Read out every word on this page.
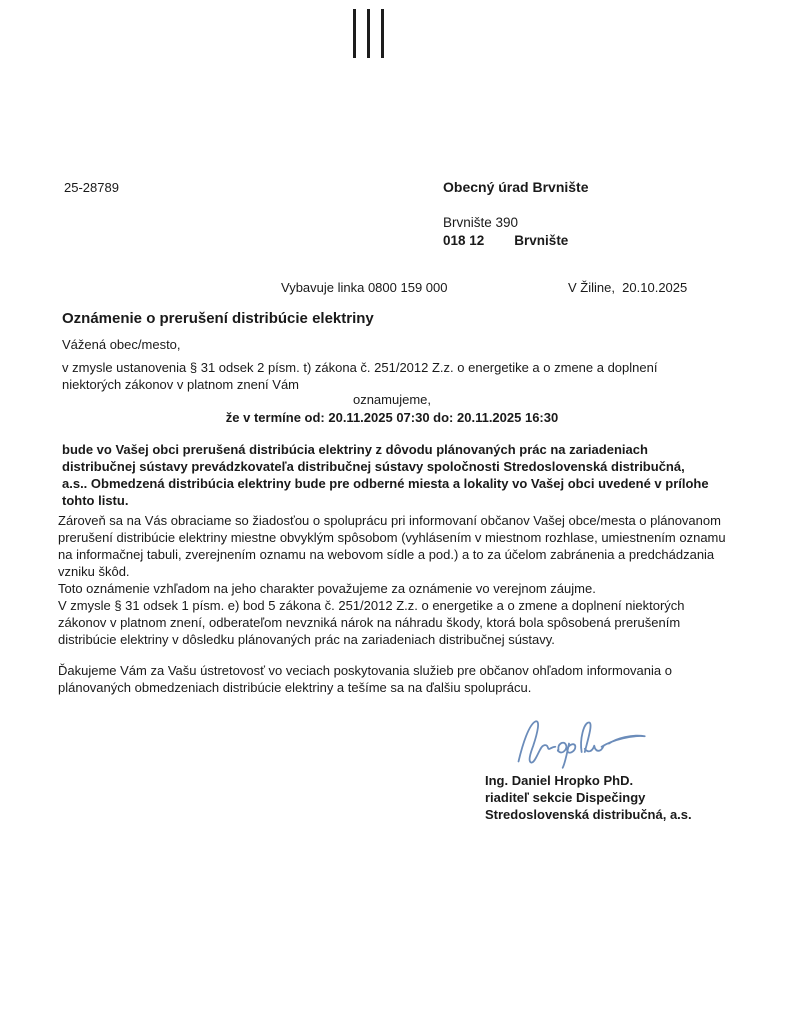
25-28789	Obecný úrad Brvnište
Brvnište 390
018 12 Brvnište
Vybavuje linka 0800 159 000	V Žiline,  20.10.2025
Oznámenie o prerušení distribúcie elektriny
Vážená obec/mesto,
v zmysle ustanovenia § 31 odsek 2 písm. t) zákona č. 251/2012 Z.z. o energetike a o zmene a doplnení niektorých zákonov v platnom znení Vám
oznamujeme,
že v termíne od: 20.11.2025 07:30 do: 20.11.2025 16:30
bude vo Vašej obci prerušená distribúcia elektriny z dôvodu plánovaných prác na zariadeniach distribučnej sústavy prevádzkovateľa distribučnej sústavy spoločnosti Stredoslovenská distribučná, a.s.. Obmedzená distribúcia elektriny bude pre odberné miesta a lokality vo Vašej obci uvedené v prílohe tohto listu.
Zároveň sa na Vás obraciame so žiadosťou o spoluprácu pri informovaní občanov Vašej obce/mesta o plánovanom prerušení distribúcie elektriny miestne obvyklým spôsobom (vyhlásením v miestnom rozhlase, umiestnením oznamu na informačnej tabuli, zverejnením oznamu na webovom sídle a pod.) a to za účelom zabránenia a predchádzania vzniku škôd.
Toto oznámenie vzhľadom na jeho charakter považujeme za oznámenie vo verejnom záujme.
V zmysle § 31 odsek 1 písm. e) bod 5 zákona č. 251/2012 Z.z. o energetike a o zmene a doplnení niektorých zákonov v platnom znení, odberateľom nevzniká nárok na náhradu škody, ktorá bola spôsobená prerušením distribúcie elektriny v dôsledku plánovaných prác na zariadeniach distribučnej sústavy.
Ďakujeme Vám za Vašu ústretovosť vo veciach poskytovania služieb pre občanov ohľadom informovania o plánovaných obmedzeniach distribúcie elektriny a tešíme sa na ďalšiu spoluprácu.
Ing. Daniel Hropko PhD.
riaditeľ sekcie Dispečingy
Stredoslovenská distribučná, a.s.
